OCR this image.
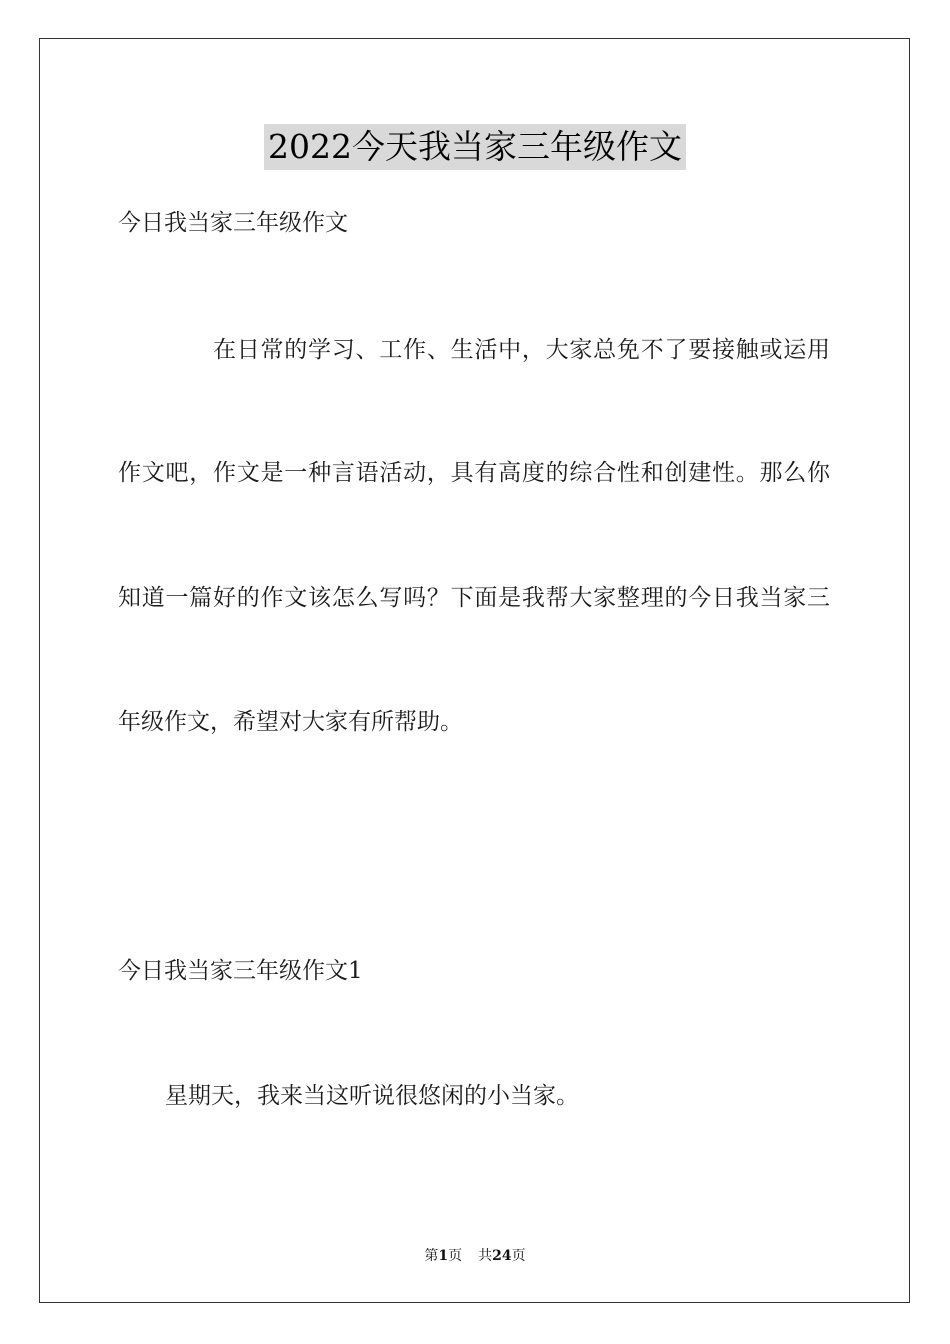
2022今天我当家三年级作文
今日我当家三年级作文
在日常的学习、工作、生活中，大家总免不了要接触或运用
作文吧，作文是一种言语活动，具有高度的综合性和创建性。那么你
知道一篇好的作文该怎么写吗？下面是我帮大家整理的今日我当家三
年级作文，希望对大家有所帮助。
今日我当家三年级作文1
星期天，我来当这听说很悠闲的小当家。
第1页 共24页
